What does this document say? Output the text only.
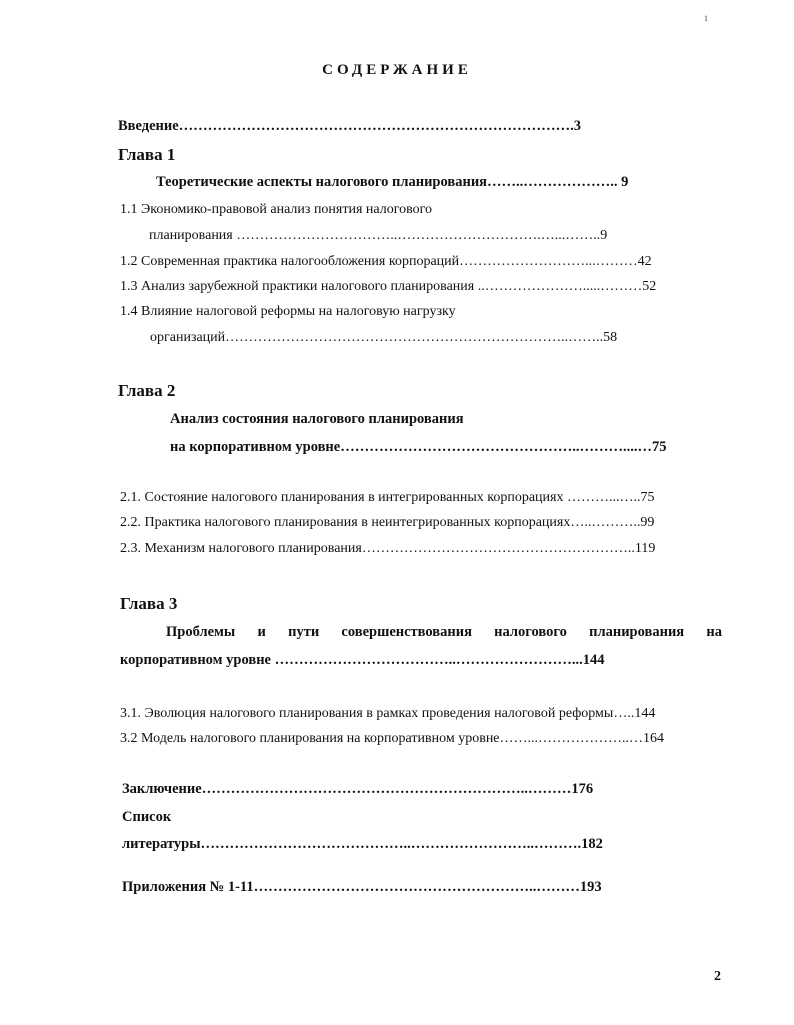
1
СОДЕРЖАНИЕ
Введение……………………………………………………………………….3
Глава 1
Теоретические аспекты налогового планирования……..……………….. 9
1.1 Экономико-правовой анализ понятия налогового
планирования ……………………………..………………………….…...……..9
1.2 Современная практика налогообложения корпораций………………………...………42
1.3 Анализ зарубежной практики налогового планирования ..………………….....………52
1.4 Влияние налоговой реформы на налоговую нагрузку
организаций………………………………………………………………..……..58
Глава 2
Анализ состояния налогового планирования
на корпоративном уровне…………………………………………..………....…75
2.1. Состояние налогового планирования в интегрированных корпорациях ………...…..75
2.2. Практика налогового планирования в неинтегрированных корпорациях…..………..99
2.3. Механизм налогового планирования…………………………………………………..119
Глава 3
Проблемы и пути совершенствования налогового планирования на
корпоративном уровне ………………………………..……………………...144
3.1. Эволюция налогового планирования в рамках проведения налоговой реформы…..144
3.2 Модель налогового планирования на корпоративном уровне……...………………..…164
Заключение…………………………………………………………..………176
Список
литературы……………………………………..……………………..……….182
Приложения № 1-11…………………………………………………..………193
2
